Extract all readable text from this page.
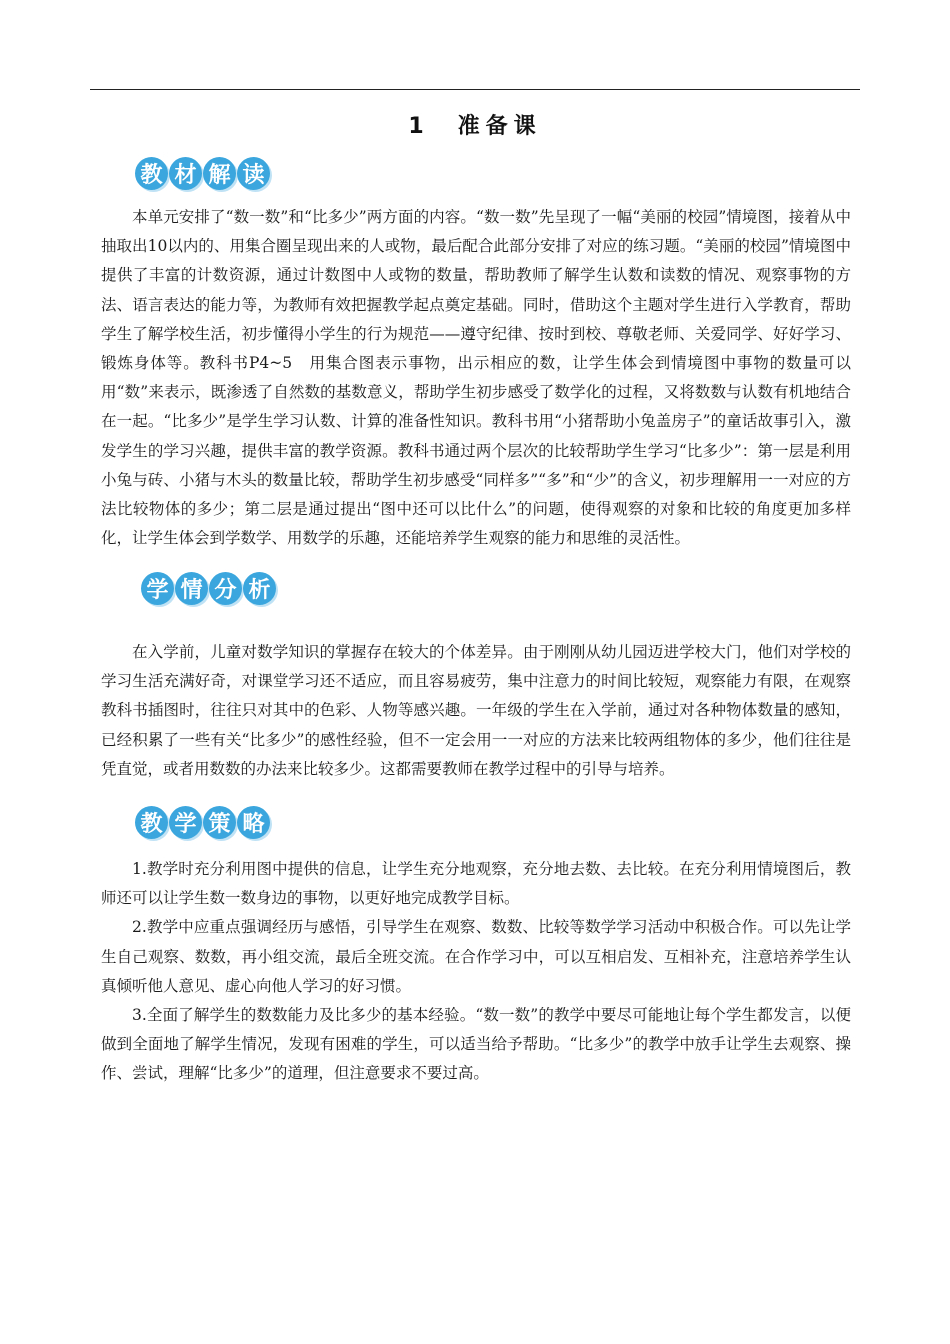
1　准备课
教 材 解 读

本单元安排了“数一数”和“比多少”两方面的内容。“数一数”先呈现了一幅“美丽的校园”情境图，接着从中抽取出10以内的、用集合圈呈现出来的人或物，最后配合此部分安排了对应的练习题。“美丽的校园”情境图中提供了丰富的计数资源，通过计数图中人或物的数量，帮助教师了解学生认数和读数的情况、观察事物的方法、语言表达的能力等，为教师有效把握教学起点奠定基础。同时，借助这个主题对学生进行入学教育，帮助学生了解学校生活，初步懂得小学生的行为规范——遵守纪律、按时到校、尊敬老师、关爱同学、好好学习、锻炼身体等。教科书P4~5　用集合图表示事物，出示相应的数，让学生体会到情境图中事物的数量可以用“数”来表示，既渗透了自然数的基数意义，帮助学生初步感受了数学化的过程，又将数数与认数有机地结合在一起。“比多少”是学生学习认数、计算的准备性知识。教科书用“小猪帮助小兔盖房子”的童话故事引入，激发学生的学习兴趣，提供丰富的教学资源。教科书通过两个层次的比较帮助学生学习“比多少”：第一层是利用小兔与砖、小猪与木头的数量比较，帮助学生初步感受“同样多”“多”和“少”的含义，初步理解用一一对应的方法比较物体的多少；第二层是通过提出“图中还可以比什么”的问题，使得观察的对象和比较的角度更加多样化，让学生体会到学数学、用数学的乐趣，还能培养学生观察的能力和思维的灵活性。

学 情 分 析

在入学前，儿童对数学知识的掌握存在较大的个体差异。由于刚刚从幼儿园迈进学校大门，他们对学校的学习生活充满好奇，对课堂学习还不适应，而且容易疲劳，集中注意力的时间比较短，观察能力有限，在观察教科书插图时，往往只对其中的色彩、人物等感兴趣。一年级的学生在入学前，通过对各种物体数量的感知，已经积累了一些有关“比多少”的感性经验，但不一定会用一一对应的方法来比较两组物体的多少，他们往往是凭直觉，或者用数数的办法来比较多少。这都需要教师在教学过程中的引导与培养。

教 学 策 略

1.教学时充分利用图中提供的信息，让学生充分地观察，充分地去数、去比较。在充分利用情境图后，教师还可以让学生数一数身边的事物，以更好地完成教学目标。

2.教学中应重点强调经历与感悟，引导学生在观察、数数、比较等数学学习活动中积极合作。可以先让学生自己观察、数数，再小组交流，最后全班交流。在合作学习中，可以互相启发、互相补充，注意培养学生认真倾听他人意见、虚心向他人学习的好习惯。

3.全面了解学生的数数能力及比多少的基本经验。“数一数”的教学中要尽可能地让每个学生都发言，以便做到全面地了解学生情况，发现有困难的学生，可以适当给予帮助。“比多少”的教学中放手让学生去观察、操作、尝试，理解“比多少”的道理，但注意要求不要过高。
